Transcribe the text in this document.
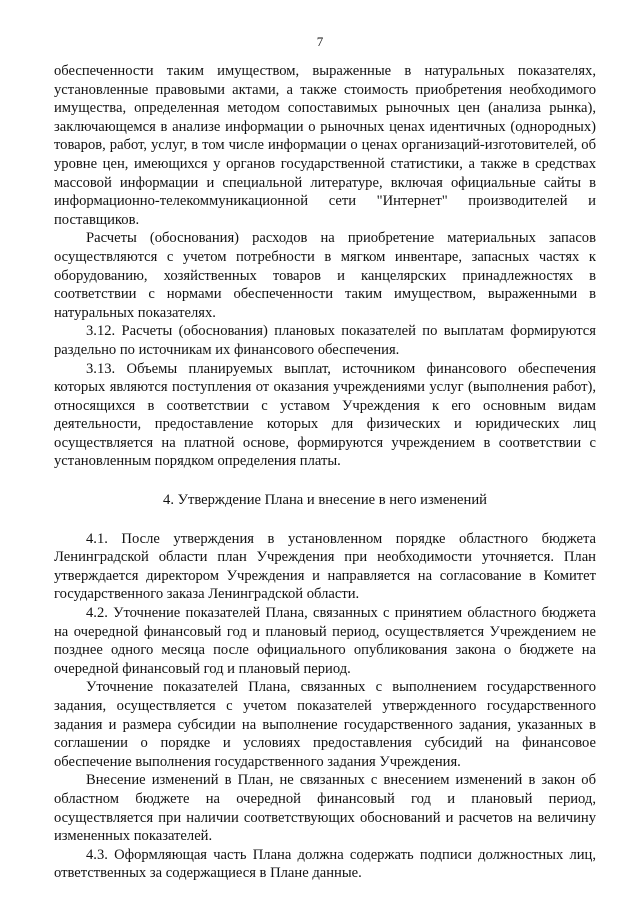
7

обеспеченности таким имуществом, выраженные в натуральных показателях, установленные правовыми актами, а также стоимость приобретения необходимого имущества, определенная методом сопоставимых рыночных цен (анализа рынка), заключающемся в анализе информации о рыночных ценах идентичных (однородных) товаров, работ, услуг, в том числе информации о ценах организаций-изготовителей, об уровне цен, имеющихся у органов государственной статистики, а также в средствах массовой информации и специальной литературе, включая официальные сайты в информационно-телекоммуникационной сети "Интернет" производителей и поставщиков.

Расчеты (обоснования) расходов на приобретение материальных запасов осуществляются с учетом потребности в мягком инвентаре, запасных частях к оборудованию, хозяйственных товаров и канцелярских принадлежностях в соответствии с нормами обеспеченности таким имуществом, выраженными в натуральных показателях.

3.12. Расчеты (обоснования) плановых показателей по выплатам формируются раздельно по источникам их финансового обеспечения.

3.13. Объемы планируемых выплат, источником финансового обеспечения которых являются поступления от оказания учреждениями услуг (выполнения работ), относящихся в соответствии с уставом Учреждения к его основным видам деятельности, предоставление которых для физических и юридических лиц осуществляется на платной основе, формируются учреждением в соответствии с установленным порядком определения платы.

4. Утверждение Плана и внесение в него изменений

4.1. После утверждения в установленном порядке областного бюджета Ленинградской области план Учреждения при необходимости уточняется. План утверждается директором Учреждения и направляется на согласование в Комитет государственного заказа Ленинградской области.

4.2. Уточнение показателей Плана, связанных с принятием областного бюджета на очередной финансовый год и плановый период, осуществляется Учреждением не позднее одного месяца после официального опубликования закона о бюджете на очередной финансовый год и плановый период.

Уточнение показателей Плана, связанных с выполнением государственного задания, осуществляется с учетом показателей утвержденного государственного задания и размера субсидии на выполнение государственного задания, указанных в соглашении о порядке и условиях предоставления субсидий на финансовое обеспечение выполнения государственного задания Учреждения.

Внесение изменений в План, не связанных с внесением изменений в закон об областном бюджете на очередной финансовый год и плановый период, осуществляется при наличии соответствующих обоснований и расчетов на величину измененных показателей.

4.3. Оформляющая часть Плана должна содержать подписи должностных лиц, ответственных за содержащиеся в Плане данные.
